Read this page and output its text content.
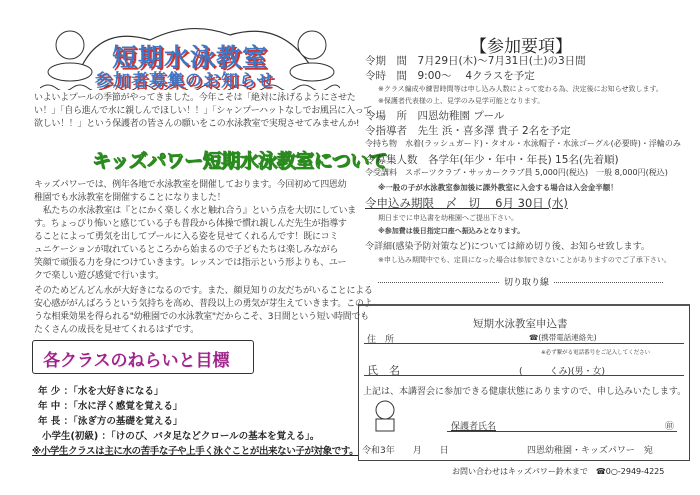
短期水泳教室
参加者募集のお知らせ
いよいよプールの季節がやってきました。今年こそは「絶対に泳げるようにさせた
い！」「自ら進んで水に親しんでほしい！！」「シャンプーハットなしでお風呂に入って
欲しい！！」という保護者の皆さんの願いをこの水泳教室で実現させてみませんか!
キッズパワー短期水泳教室について
キッズパワーでは、例年各地で水泳教室を開催しております。今回初めて四恩幼
稚園でも水泳教室を開催することになりました！
　私たちの水泳教室は『とにかく楽しく水と触れ合う』という点を大切にしていま
す。ちょっぴり怖いと感じている子も普段から体操で慣れ親しんだ先生が指導す
ることによって勇気を出してプールに入る姿を見せてくれるんです！既にコミ
ュニケーションが取れているところから始まるので子どもたちは楽しみながら
笑顔で頑張る力を身につけていきます。レッスンでは指示という形よりも、ユー
クで楽しい遊び感覚で行います。
そのためどんどん水が大好きになるのです。また、顔見知りの友だちがいることによる
安心感ががんばろうという気持ちを高め、普段以上の勇気が芽生えていきます。このよ
うな相乗効果を得られる"幼稚園での水泳教室"だからこそ、3日間という短い時間でも
たくさんの成長を見せてくれるはずです。
各クラスのねらいと目標
年 少 ：「水を大好きになる」
年 中 ：「水に浮く感覚を覚える」
年 長 ：「泳ぎ方の基礎を覚える」
小学生(初級) ：「けのび、バタ足などクロールの基本を覚える」。
※小学生クラスは主に水の苦手な子や上手く泳ぐことが出来ない子が対象です。
【参加要項】
令期　間　7月29日(木)～7月31日(土)の3日間
令時　間　9:00～　 4クラスを予定
※クラス編成や練習時間等は申し込み人数によって変わる為、決定後にお知らせ致します。
※保護者代表様の上、見学のみ見学可能となります。
令場　所　四恩幼稚園 プール
令指導者　先生 浜・喜多澤 貴子 2名を予定
令持ち物　水着(ラッシュガード)・タオル・水泳帽子・水泳ゴーグル(必要時)・浮輪のみ
令募集人数　各学年(年少・年中・年長) 15名(先着順)
令受講料　スポーツクラブ・サッカークラブ員 5,000円(税込)　一般 8,000円(税込)
※一般の子が水泳教室参加後に課外教室に入会する場合は入会金半額！
令申込み期限　〆　切　 6月 30日 (水)
期日までに申込書を幼稚園へご提出下さい。
※参加費は後日指定口座へ振込みとなります。
令詳細(感染予防対策など)については締め切り後、お知らせ致します。
※申し込み期間中でも、定員になった場合は参加できないことがありますのでご了承下さい。
切り取り線
短期水泳教室申込書
住　所	☎(携帯電話連絡先)
※必ず繋がる電話番号をご記入してください
氏　名	(　　　くみ)(男・女)
上記は、本講習会に参加できる健康状態にありますので、申し込みいたします。
保護者氏名	㊞
令和3年　　月　　日	四恩幼稚園・キッズパワー　宛
お問い合わせはキッズパワー鈴木まで　☎0○-2949-4225
